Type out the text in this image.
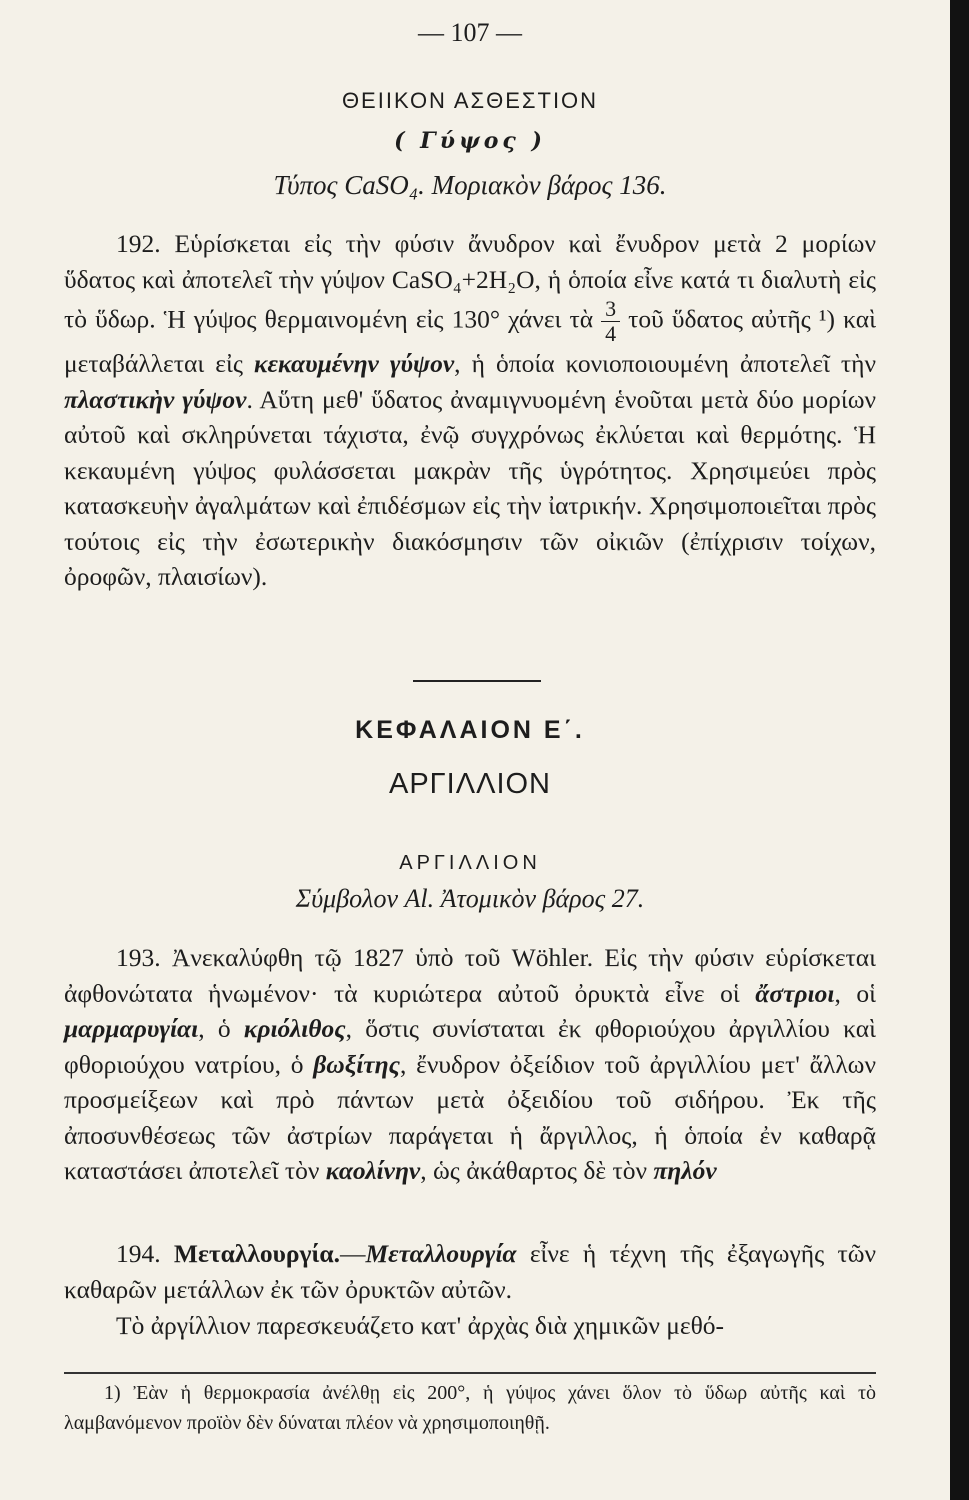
— 107 —
ΘΕΙΙΚΟΝ ΑΣΘΕΣΤΙΟΝ
( Γύψος )
Τύπος CaSO₄. Μοριακὸν βάρος 136.
192. Εὑρίσκεται εἰς τὴν φύσιν ἄνυδρον καὶ ἔνυδρον μετὰ 2 μορίων ὕδατος καὶ ἀποτελεῖ τὴν γύψον CaSO₄+2H₂O, ἡ ὁποία εἶνε κατά τι διαλυτὴ εἰς τὸ ὕδωρ. Ἡ γύψος θερμαινομένη εἰς 130° χάνει τὰ $\frac{3}{4}$ τοῦ ὕδατος αὐτῆς ¹) καὶ μεταβάλλεται εἰς κεκαυμένην γύψον, ἡ ὁποία κονιοποιουμένη ἀποτελεῖ τὴν πλαστικὴν γύψον. Αὕτη μεθ' ὕδατος ἀναμιγνυομένη ἑνοῦται μετὰ δύο μορίων αὐτοῦ καὶ σκληρύνεται τάχιστα, ἐνῷ συγχρόνως ἐκλύεται καὶ θερμότης. Ἡ κεκαυμένη γύψος φυλάσσεται μακρὰν τῆς ὑγρότητος. Χρησιμεύει πρὸς κατασκευὴν ἀγαλμάτων καὶ ἐπιδέσμων εἰς τὴν ἰατρικήν. Χρησιμοποιεῖται πρὸς τούτοις εἰς τὴν ἐσωτερικὴν διακόσμησιν τῶν οἰκιῶν (ἐπίχρισιν τοίχων, ὀροφῶν, πλαισίων).
ΚΕΦΑΛΑΙΟΝ Ε΄.
ΑΡΓΙΛΛΙΟΝ
ΑΡΓΙΛΛΙΟΝ
Σύμβολον Al. Ἀτομικὸν βάρος 27.
193. Ἀνεκαλύφθη τῷ 1827 ὑπὸ τοῦ Wöhler. Εἰς τὴν φύσιν εὑρίσκεται ἀφθονώτατα ἡνωμένον· τὰ κυριώτερα αὐτοῦ ὀρυκτὰ εἶνε οἱ ἄστριοι, οἱ μαρμαρυγίαι, ὁ κριόλιθος, ὅστις συνίσταται ἐκ φθοριούχου ἀργιλλίου καὶ φθοριούχου νατρίου, ὁ βωξίτης, ἔνυδρον ὀξείδιον τοῦ ἀργιλλίου μετ' ἄλλων προσμείξεων καὶ πρὸ πάντων μετὰ ὀξειδίου τοῦ σιδήρου. Ἐκ τῆς ἀποσυνθέσεως τῶν ἀστρίων παράγεται ἡ ἄργιλλος, ἡ ὁποία ἐν καθαρᾷ καταστάσει ἀποτελεῖ τὸν καολίνην, ὡς ἀκάθαρτος δὲ τὸν πηλόν
194. Μεταλλουργία.—Μεταλλουργία εἶνε ἡ τέχνη τῆς ἐξαγωγῆς τῶν καθαρῶν μετάλλων ἐκ τῶν ὀρυκτῶν αὐτῶν.
Τὸ ἀργίλλιον παρεσκευάζετο κατ' ἀρχὰς διὰ χημικῶν μεθό-
1) Ἐὰν ἡ θερμοκρασία ἀνέλθῃ εἰς 200°, ἡ γύψος χάνει ὅλον τὸ ὕδωρ αὐτῆς καὶ τὸ λαμβανόμενον προϊὸν δὲν δύναται πλέον νὰ χρησιμοποιηθῇ.
